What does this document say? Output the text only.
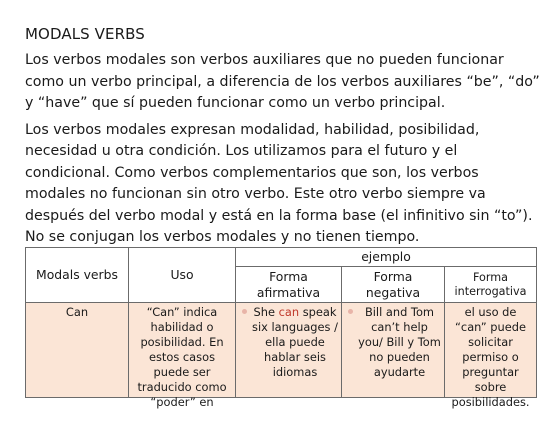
MODALS VERBS

Los verbos modales son verbos auxiliares que no pueden funcionar como un verbo principal, a diferencia de los verbos auxiliares “be”, “do” y “have” que sí pueden funcionar como un verbo principal.

Los verbos modales expresan modalidad, habilidad, posibilidad, necesidad u otra condición. Los utilizamos para el futuro y el condicional. Como verbos complementarios que son, los verbos modales no funcionan sin otro verbo. Este otro verbo siempre va después del verbo modal y está en la forma base (el infinitivo sin “to”). No se conjugan los verbos modales y no tienen tiempo.

Modals verbs	Uso	ejemplo		
		Forma afirmativa	Forma negativa	Forma interrogativa

Can	“Can” indica habilidad o posibilidad. En estos casos puede ser traducido como “poder” en	She can speak six languages / ella puede hablar seis idiomas	Bill and Tom can’t help you/ Bill y Tom no pueden ayudarte	el uso de “can” puede solicitar permiso o preguntar sobre posibilidades.
